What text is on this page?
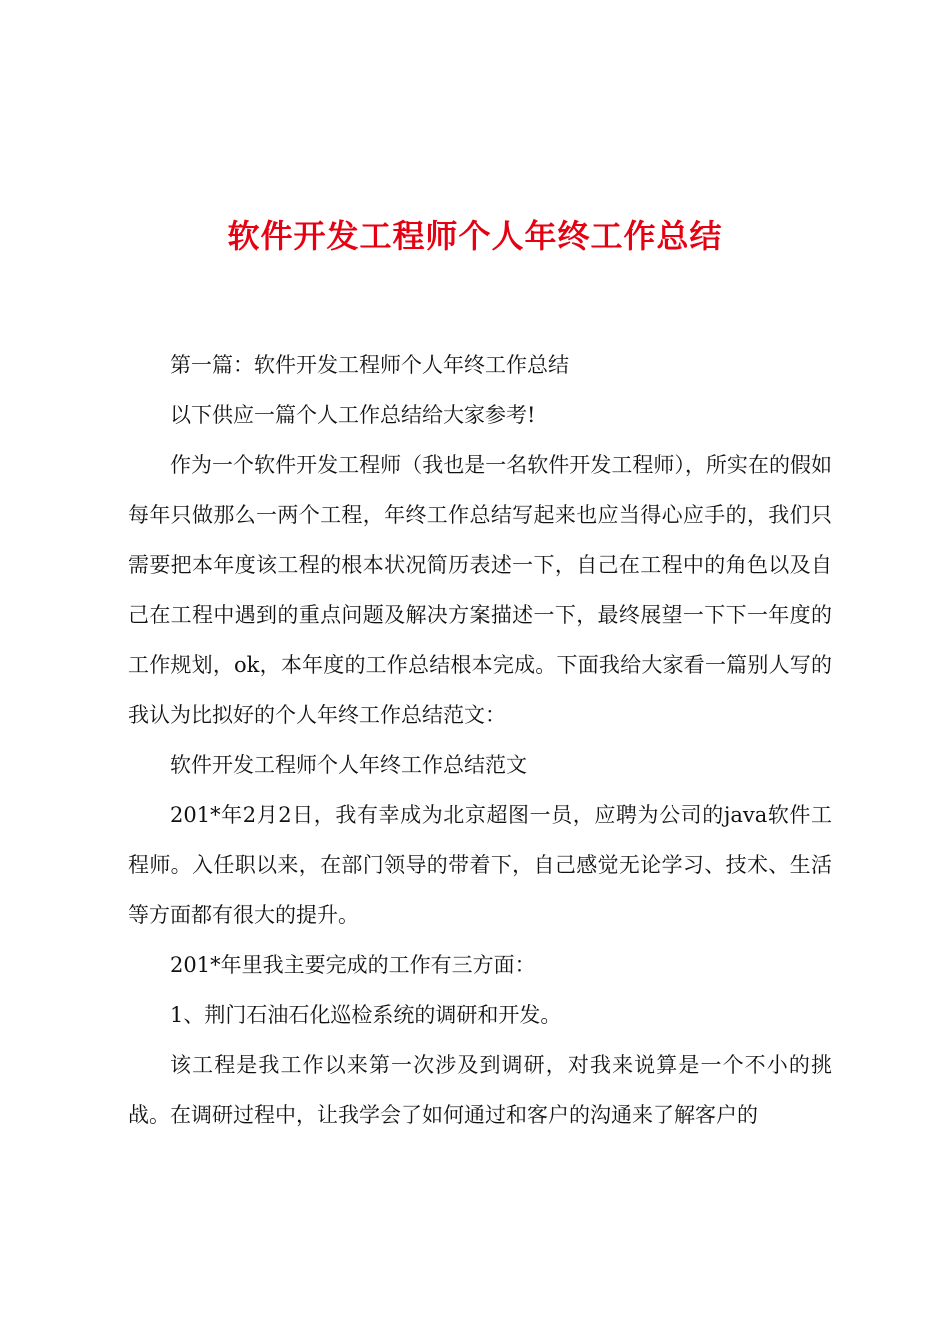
软件开发工程师个人年终工作总结

第一篇：软件开发工程师个人年终工作总结

以下供应一篇个人工作总结给大家参考!

作为一个软件开发工程师（我也是一名软件开发工程师），所实在的假如每年只做那么一两个工程，年终工作总结写起来也应当得心应手的，我们只需要把本年度该工程的根本状况简历表述一下，自己在工程中的角色以及自己在工程中遇到的重点问题及解决方案描述一下，最终展望一下下一年度的工作规划，ok，本年度的工作总结根本完成。下面我给大家看一篇别人写的我认为比拟好的个人年终工作总结范文：

软件开发工程师个人年终工作总结范文

201*年2月2日，我有幸成为北京超图一员，应聘为公司的java软件工程师。入任职以来，在部门领导的带着下，自己感觉无论学习、技术、生活等方面都有很大的提升。

201*年里我主要完成的工作有三方面：

1、荆门石油石化巡检系统的调研和开发。

该工程是我工作以来第一次涉及到调研，对我来说算是一个不小的挑战。在调研过程中，让我学会了如何通过和客户的沟通来了解客户的
